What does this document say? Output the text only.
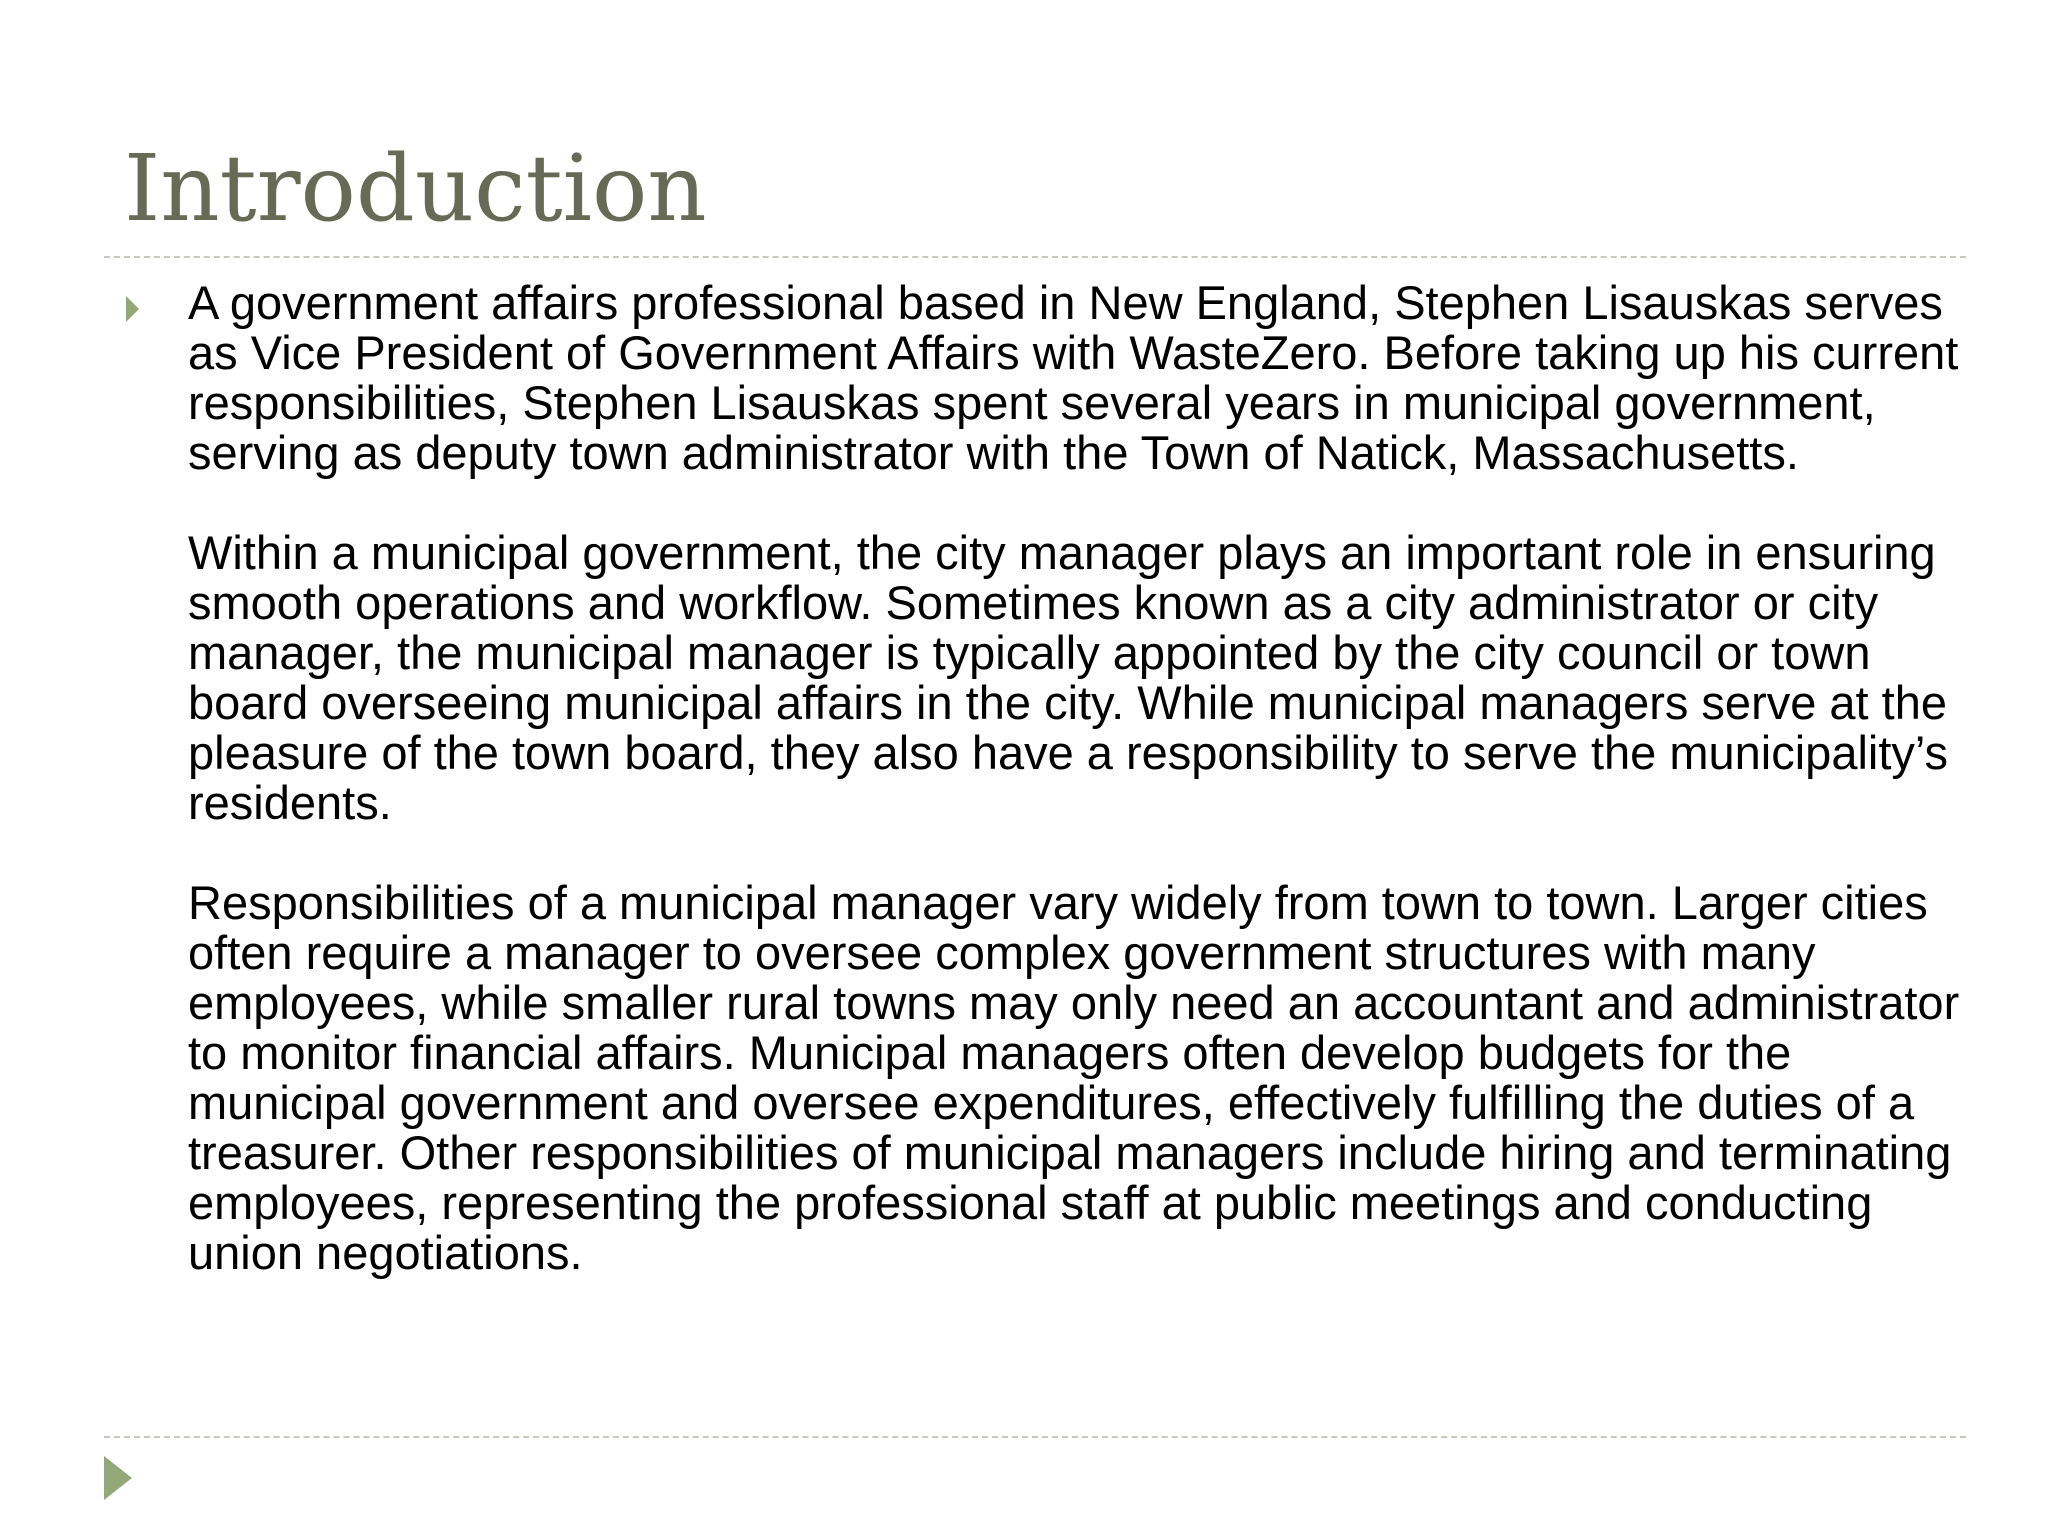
Introduction

A government affairs professional based in New England, Stephen Lisauskas serves as Vice President of Government Affairs with WasteZero. Before taking up his current responsibilities, Stephen Lisauskas spent several years in municipal government, serving as deputy town administrator with the Town of Natick, Massachusetts.

Within a municipal government, the city manager plays an important role in ensuring smooth operations and workflow. Sometimes known as a city administrator or city manager, the municipal manager is typically appointed by the city council or town board overseeing municipal affairs in the city. While municipal managers serve at the pleasure of the town board, they also have a responsibility to serve the municipality’s residents.

Responsibilities of a municipal manager vary widely from town to town. Larger cities often require a manager to oversee complex government structures with many employees, while smaller rural towns may only need an accountant and administrator to monitor financial affairs. Municipal managers often develop budgets for the municipal government and oversee expenditures, effectively fulfilling the duties of a treasurer. Other responsibilities of municipal managers include hiring and terminating employees, representing the professional staff at public meetings and conducting union negotiations.
